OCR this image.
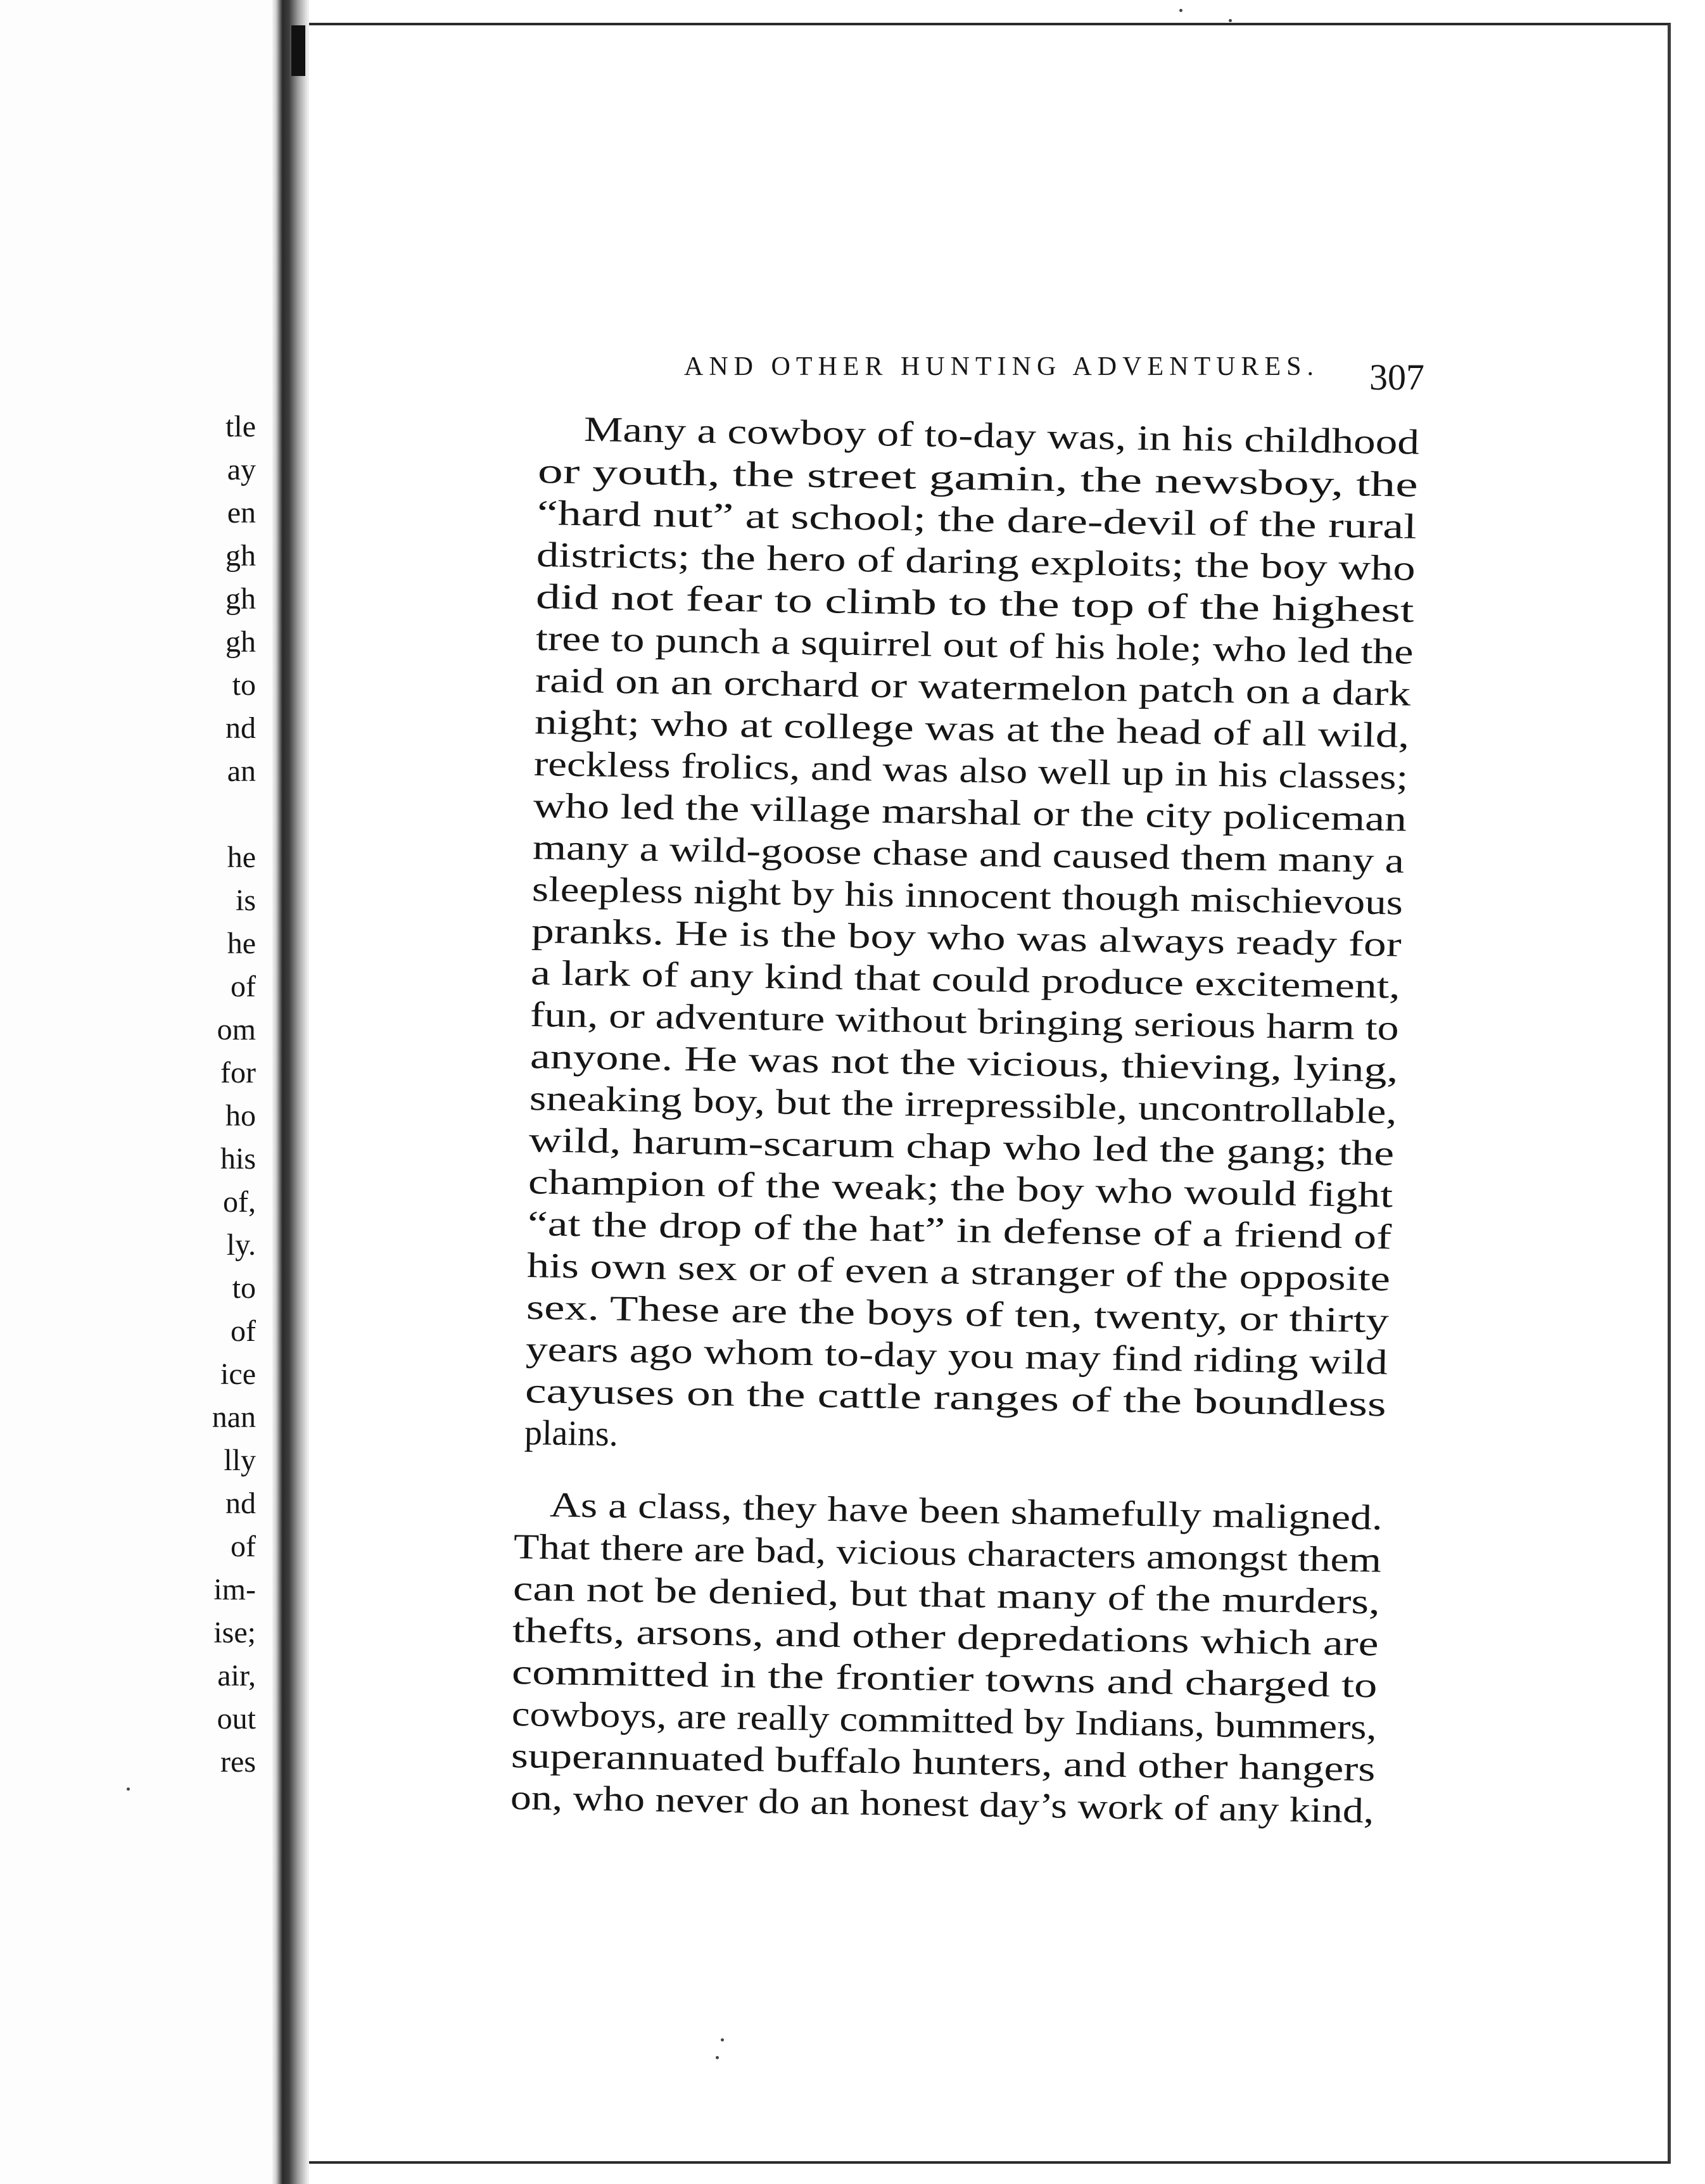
tle
ay
en
gh
gh
gh
to
nd
an
he
is
he
of
om
for
ho
his
of,
ly.
to
of
ice
nan
lly
nd
of
im-
ise;
air,
out
res
AND OTHER HUNTING ADVENTURES. 307
Many a cowboy of to-day was, in his childhood
or youth, the street gamin, the newsboy, the
“hard nut” at school; the dare-devil of the rural
districts; the hero of daring exploits; the boy who
did not fear to climb to the top of the highest
tree to punch a squirrel out of his hole; who led the
raid on an orchard or watermelon patch on a dark
night; who at college was at the head of all wild,
reckless frolics, and was also well up in his classes;
who led the village marshal or the city policeman
many a wild-goose chase and caused them many a
sleepless night by his innocent though mischievous
pranks. He is the boy who was always ready for
a lark of any kind that could produce excitement,
fun, or adventure without bringing serious harm to
anyone. He was not the vicious, thieving, lying,
sneaking boy, but the irrepressible, uncontrollable,
wild, harum-scarum chap who led the gang; the
champion of the weak; the boy who would fight
“at the drop of the hat” in defense of a friend of
his own sex or of even a stranger of the opposite
sex. These are the boys of ten, twenty, or thirty
years ago whom to-day you may find riding wild
cayuses on the cattle ranges of the boundless
plains.
As a class, they have been shamefully maligned.
That there are bad, vicious characters amongst them
can not be denied, but that many of the murders,
thefts, arsons, and other depredations which are
committed in the frontier towns and charged to
cowboys, are really committed by Indians, bummers,
superannuated buffalo hunters, and other hangers
on, who never do an honest day’s work of any kind,
